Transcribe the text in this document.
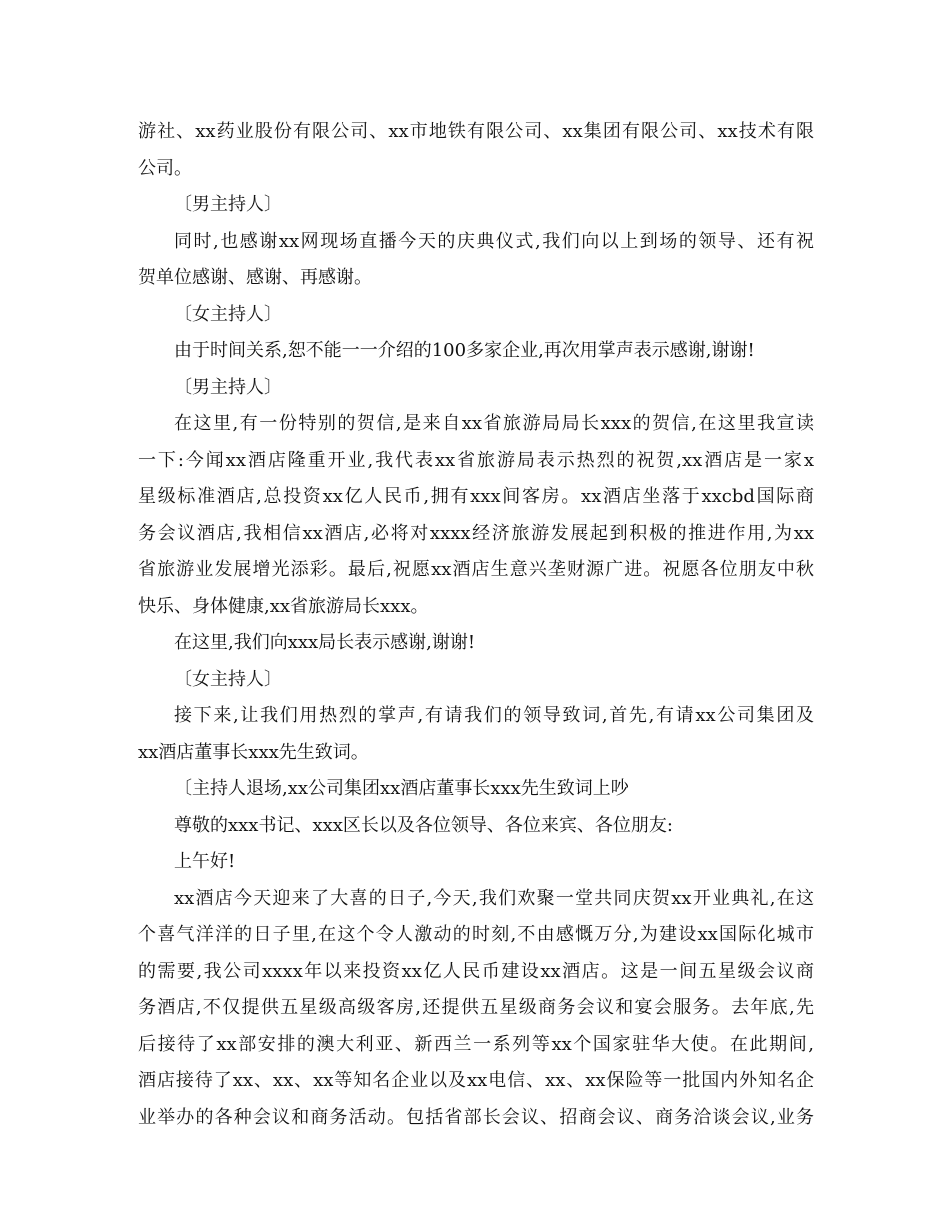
游社、xx药业股份有限公司、xx市地铁有限公司、xx集团有限公司、xx技术有限
公司。
〔男主持人〕
同时,也感谢xx网现场直播今天的庆典仪式,我们向以上到场的领导、还有祝
贺单位感谢、感谢、再感谢。
〔女主持人〕
由于时间关系,恕不能一一介绍的100多家企业,再次用掌声表示感谢,谢谢!
〔男主持人〕
在这里,有一份特别的贺信,是来自xx省旅游局局长xxx的贺信,在这里我宣读
一下:今闻xx酒店隆重开业,我代表xx省旅游局表示热烈的祝贺,xx酒店是一家x
星级标准酒店,总投资xx亿人民币,拥有xxx间客房。xx酒店坐落于xxcbd国际商
务会议酒店,我相信xx酒店,必将对xxxx经济旅游发展起到积极的推进作用,为xx
省旅游业发展增光添彩。最后,祝愿xx酒店生意兴垄财源广进。祝愿各位朋友中秋
快乐、身体健康,xx省旅游局长xxx。
在这里,我们向xxx局长表示感谢,谢谢!
〔女主持人〕
接下来,让我们用热烈的掌声,有请我们的领导致词,首先,有请xx公司集团及
xx酒店董事长xxx先生致词。
〔主持人退场,xx公司集团xx酒店董事长xxx先生致词上吵
尊敬的xxx书记、xxx区长以及各位领导、各位来宾、各位朋友:
上午好!
xx酒店今天迎来了大喜的日子,今天,我们欢聚一堂共同庆贺xx开业典礼,在这
个喜气洋洋的日子里,在这个令人激动的时刻,不由感慨万分,为建设xx国际化城市
的需要,我公司xxxx年以来投资xx亿人民币建设xx酒店。这是一间五星级会议商
务酒店,不仅提供五星级高级客房,还提供五星级商务会议和宴会服务。去年底,先
后接待了xx部安排的澳大利亚、新西兰一系列等xx个国家驻华大使。在此期间,
酒店接待了xx、xx、xx等知名企业以及xx电信、xx、xx保险等一批国内外知名企
业举办的各种会议和商务活动。包括省部长会议、招商会议、商务洽谈会议,业务
